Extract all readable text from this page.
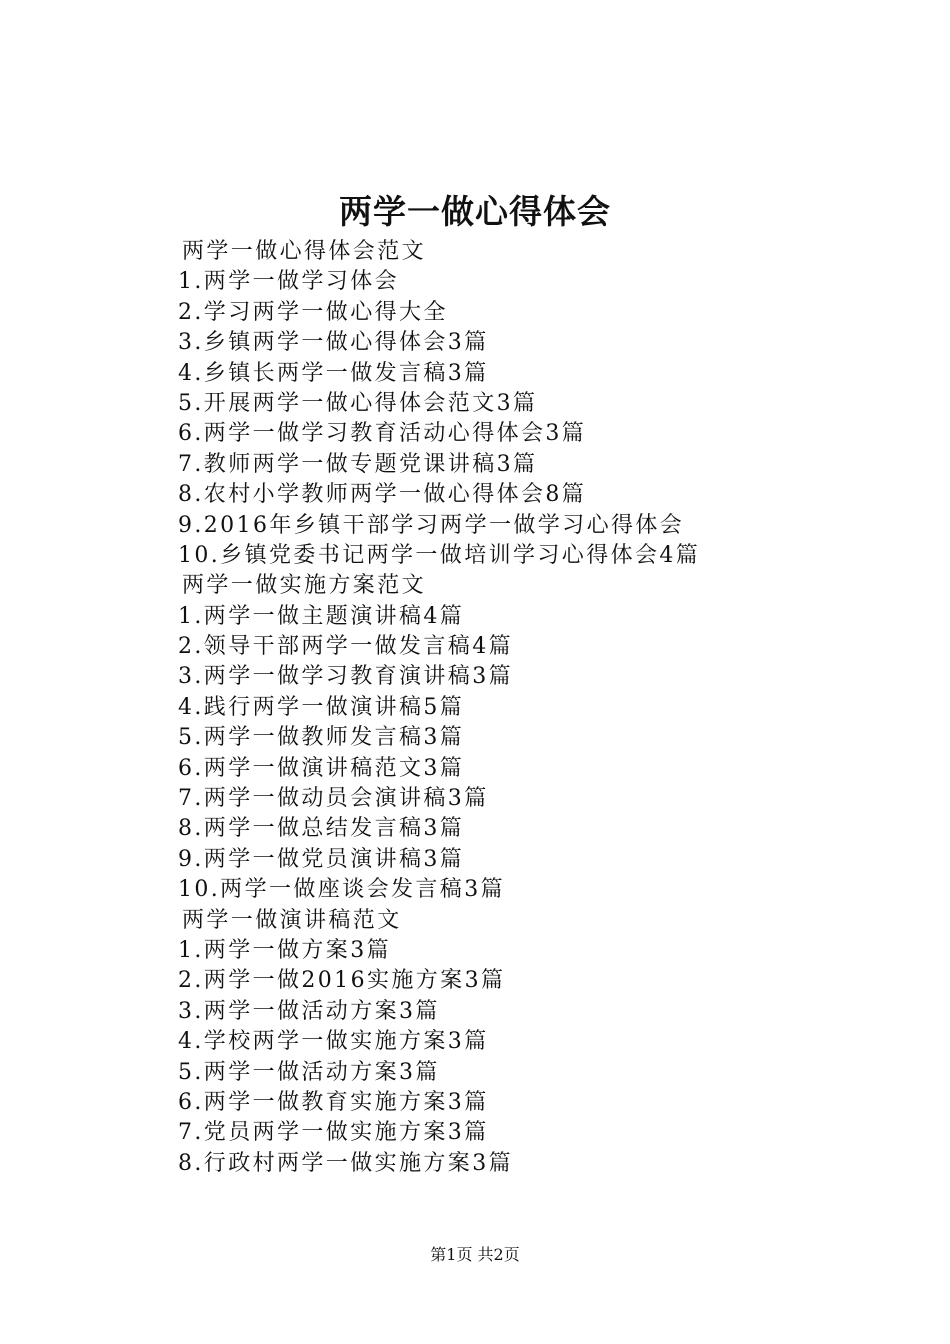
两学一做心得体会
两学一做心得体会范文
1.两学一做学习体会
2.学习两学一做心得大全
3.乡镇两学一做心得体会3篇
4.乡镇长两学一做发言稿3篇
5.开展两学一做心得体会范文3篇
6.两学一做学习教育活动心得体会3篇
7.教师两学一做专题党课讲稿3篇
8.农村小学教师两学一做心得体会8篇
9.2016年乡镇干部学习两学一做学习心得体会
10.乡镇党委书记两学一做培训学习心得体会4篇
两学一做实施方案范文
1.两学一做主题演讲稿4篇
2.领导干部两学一做发言稿4篇
3.两学一做学习教育演讲稿3篇
4.践行两学一做演讲稿5篇
5.两学一做教师发言稿3篇
6.两学一做演讲稿范文3篇
7.两学一做动员会演讲稿3篇
8.两学一做总结发言稿3篇
9.两学一做党员演讲稿3篇
10.两学一做座谈会发言稿3篇
两学一做演讲稿范文
1.两学一做方案3篇
2.两学一做2016实施方案3篇
3.两学一做活动方案3篇
4.学校两学一做实施方案3篇
5.两学一做活动方案3篇
6.两学一做教育实施方案3篇
7.党员两学一做实施方案3篇
8.行政村两学一做实施方案3篇
第1页 共2页
